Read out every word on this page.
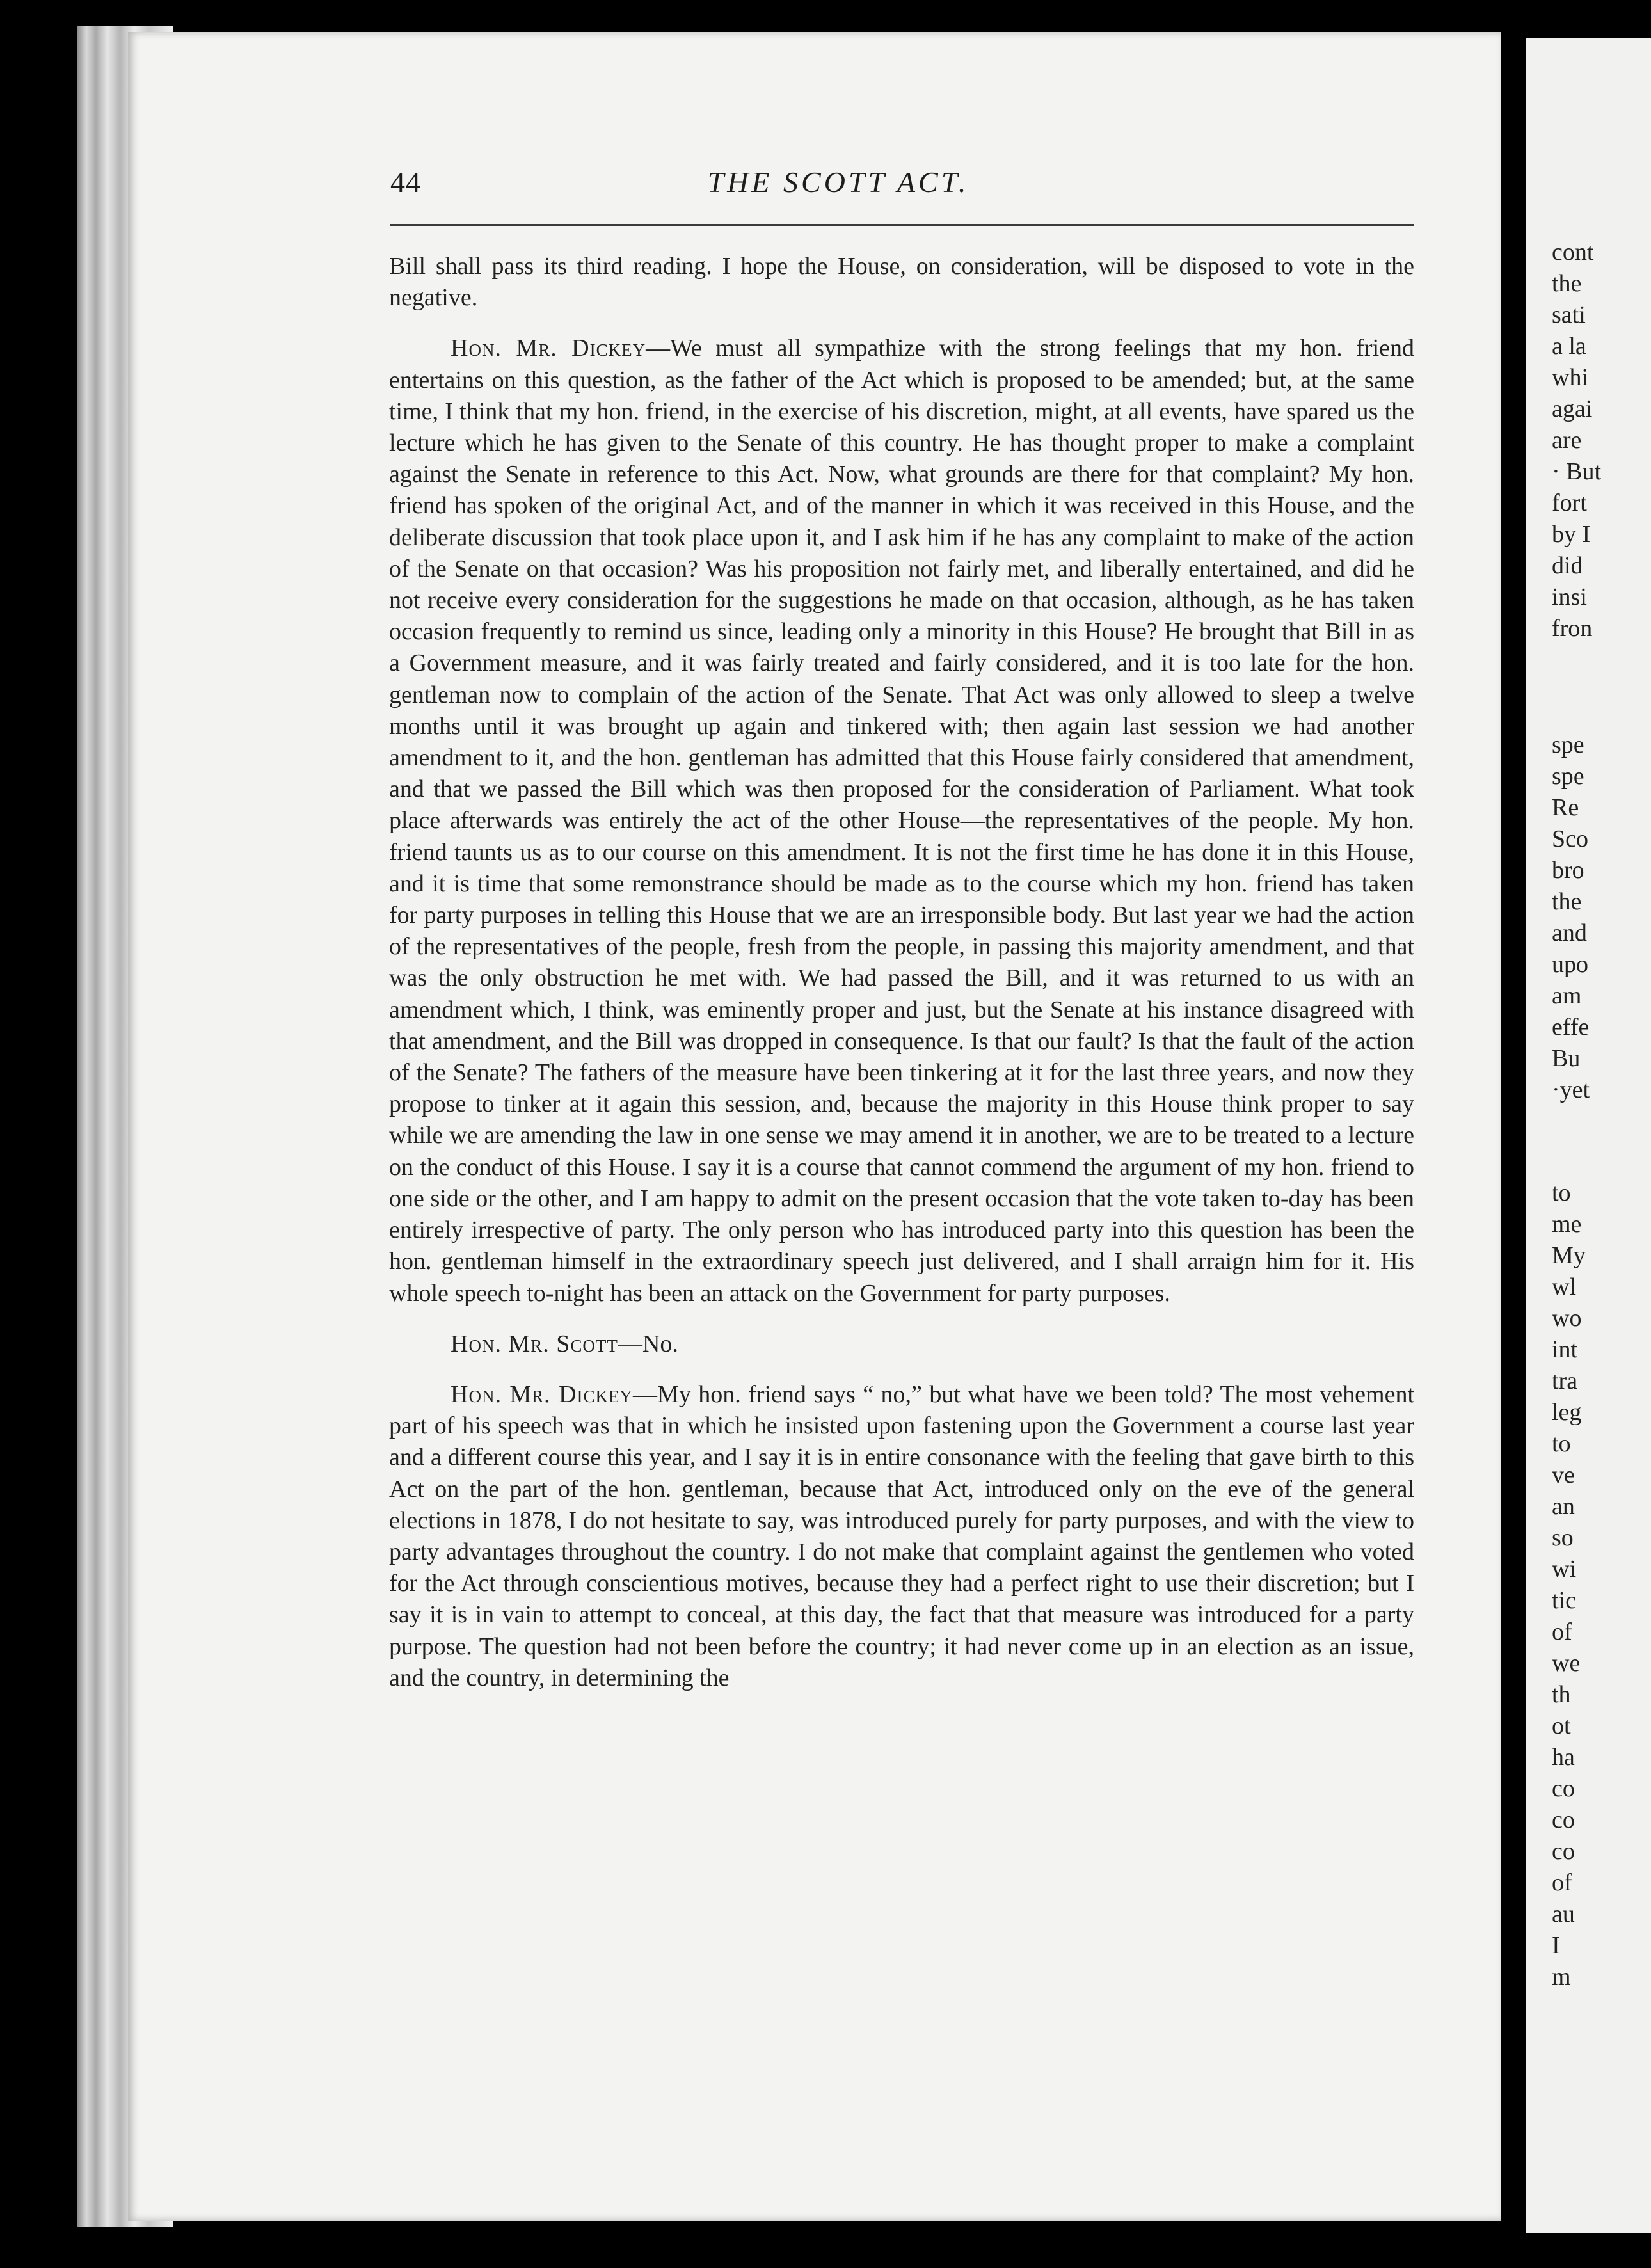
44	THE SCOTT ACT.

Bill shall pass its third reading. I hope the House, on consideration, will be disposed to vote in the negative.

Hon. Mr. Dickey—We must all sympathize with the strong feelings that my hon. friend entertains on this question, as the father of the Act which is proposed to be amended; but, at the same time, I think that my hon. friend, in the exercise of his discretion, might, at all events, have spared us the lecture which he has given to the Senate of this country. He has thought proper to make a complaint against the Senate in reference to this Act. Now, what grounds are there for that complaint? My hon. friend has spoken of the original Act, and of the manner in which it was received in this House, and the deliberate discussion that took place upon it, and I ask him if he has any complaint to make of the action of the Senate on that occasion? Was his proposition not fairly met, and liberally entertained, and did he not receive every consideration for the suggestions he made on that occasion, although, as he has taken occasion frequently to remind us since, leading only a minority in this House? He brought that Bill in as a Government measure, and it was fairly treated and fairly considered, and it is too late for the hon. gentleman now to complain of the action of the Senate. That Act was only allowed to sleep a twelve months until it was brought up again and tinkered with; then again last session we had another amendment to it, and the hon. gentleman has admitted that this House fairly considered that amendment, and that we passed the Bill which was then proposed for the consideration of Parliament. What took place afterwards was entirely the act of the other House—the representatives of the people. My hon. friend taunts us as to our course on this amendment. It is not the first time he has done it in this House, and it is time that some remonstrance should be made as to the course which my hon. friend has taken for party purposes in telling this House that we are an irresponsible body. But last year we had the action of the representatives of the people, fresh from the people, in passing this majority amendment, and that was the only obstruction he met with. We had passed the Bill, and it was returned to us with an amendment which, I think, was eminently proper and just, but the Senate at his instance disagreed with that amendment, and the Bill was dropped in consequence. Is that our fault? Is that the fault of the action of the Senate? The fathers of the measure have been tinkering at it for the last three years, and now they propose to tinker at it again this session, and, because the majority in this House think proper to say while we are amending the law in one sense we may amend it in another, we are to be treated to a lecture on the conduct of this House. I say it is a course that cannot commend the argument of my hon. friend to one side or the other, and I am happy to admit on the present occasion that the vote taken to-day has been entirely irrespective of party. The only person who has introduced party into this question has been the hon. gentleman himself in the extraordinary speech just delivered, and I shall arraign him for it. His whole speech to-night has been an attack on the Government for party purposes.

Hon. Mr. Scott—No.

Hon. Mr. Dickey—My hon. friend says “ no,” but what have we been told? The most vehement part of his speech was that in which he insisted upon fastening upon the Government a course last year and a different course this year, and I say it is in entire consonance with the feeling that gave birth to this Act on the part of the hon. gentleman, because that Act, introduced only on the eve of the general elections in 1878, I do not hesitate to say, was introduced purely for party purposes, and with the view to party advantages throughout the country. I do not make that complaint against the gentlemen who voted for the Act through conscientious motives, because they had a perfect right to use their discretion; but I say it is in vain to attempt to conceal, at this day, the fact that that measure was introduced for a party purpose. The question had not been before the country; it had never come up in an election as an issue, and the country, in determining the

cont
the
sati
a la
whi
agai
are
· But
fort
by I
did
insi
fron
spe
spe
Re
Sco
bro
the
and
upo
am
effe
Bu
·yet
to
me
My
wl
wo
int
tra
leg
to
ve
an
so
wi
tic
of
we
th
ot
ha
co
co
co
of
au
I
m
